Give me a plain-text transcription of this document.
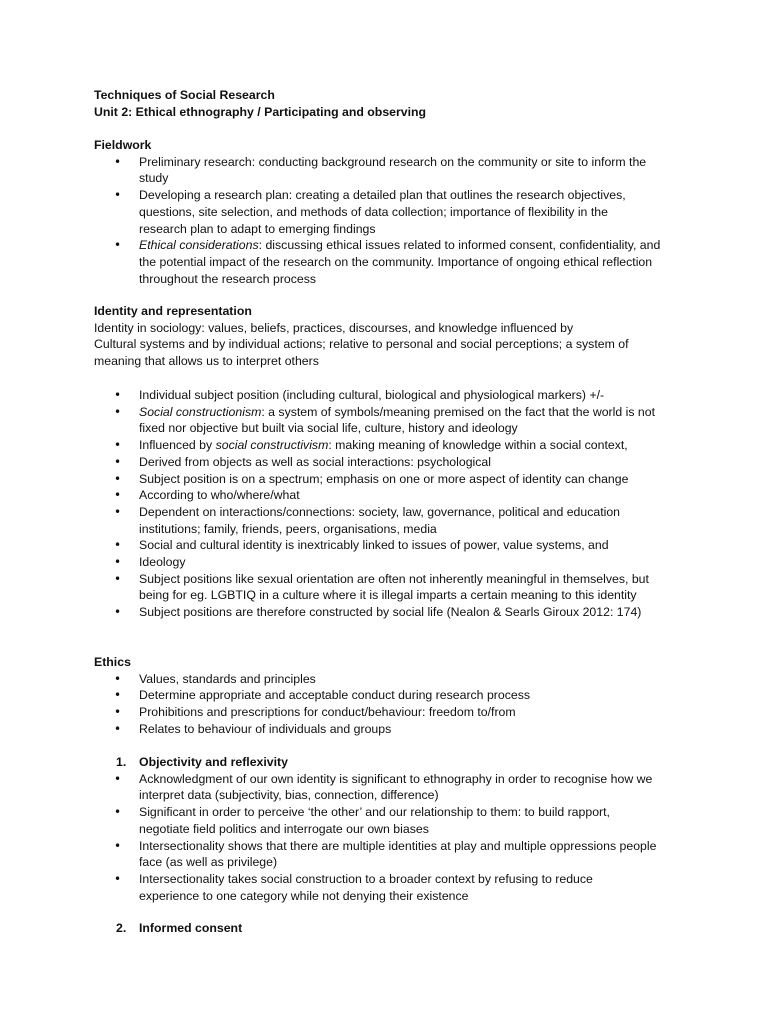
Techniques of Social Research

Unit 2: Ethical ethnography / Participating and observing

Fieldwork

• Preliminary research: conducting background research on the community or site to inform the study
• Developing a research plan: creating a detailed plan that outlines the research objectives, questions, site selection, and methods of data collection; importance of flexibility in the research plan to adapt to emerging findings
• Ethical considerations: discussing ethical issues related to informed consent, confidentiality, and the potential impact of the research on the community. Importance of ongoing ethical reflection throughout the research process

Identity and representation

Identity in sociology: values, beliefs, practices, discourses, and knowledge influenced by

Cultural systems and by individual actions; relative to personal and social perceptions; a system of

meaning that allows us to interpret others

• Individual subject position (including cultural, biological and physiological markers) +/-
• Social constructionism: a system of symbols/meaning premised on the fact that the world is not fixed nor objective but built via social life, culture, history and ideology
• Influenced by social constructivism: making meaning of knowledge within a social context,
• Derived from objects as well as social interactions: psychological
• Subject position is on a spectrum; emphasis on one or more aspect of identity can change
• According to who/where/what
• Dependent on interactions/connections: society, law, governance, political and education institutions; family, friends, peers, organisations, media
• Social and cultural identity is inextricably linked to issues of power, value systems, and
• Ideology
• Subject positions like sexual orientation are often not inherently meaningful in themselves, but being for eg. LGBTIQ in a culture where it is illegal imparts a certain meaning to this identity
• Subject positions are therefore constructed by social life (Nealon & Searls Giroux 2012: 174)

Ethics

• Values, standards and principles
• Determine appropriate and acceptable conduct during research process
• Prohibitions and prescriptions for conduct/behaviour: freedom to/from
• Relates to behaviour of individuals and groups
1. Objectivity and reflexivity
• Acknowledgment of our own identity is significant to ethnography in order to recognise how we interpret data (subjectivity, bias, connection, difference)
• Significant in order to perceive ‘the other’ and our relationship to them: to build rapport, negotiate field politics and interrogate our own biases
• Intersectionality shows that there are multiple identities at play and multiple oppressions people face (as well as privilege)
• Intersectionality takes social construction to a broader context by refusing to reduce experience to one category while not denying their existence
2. Informed consent
